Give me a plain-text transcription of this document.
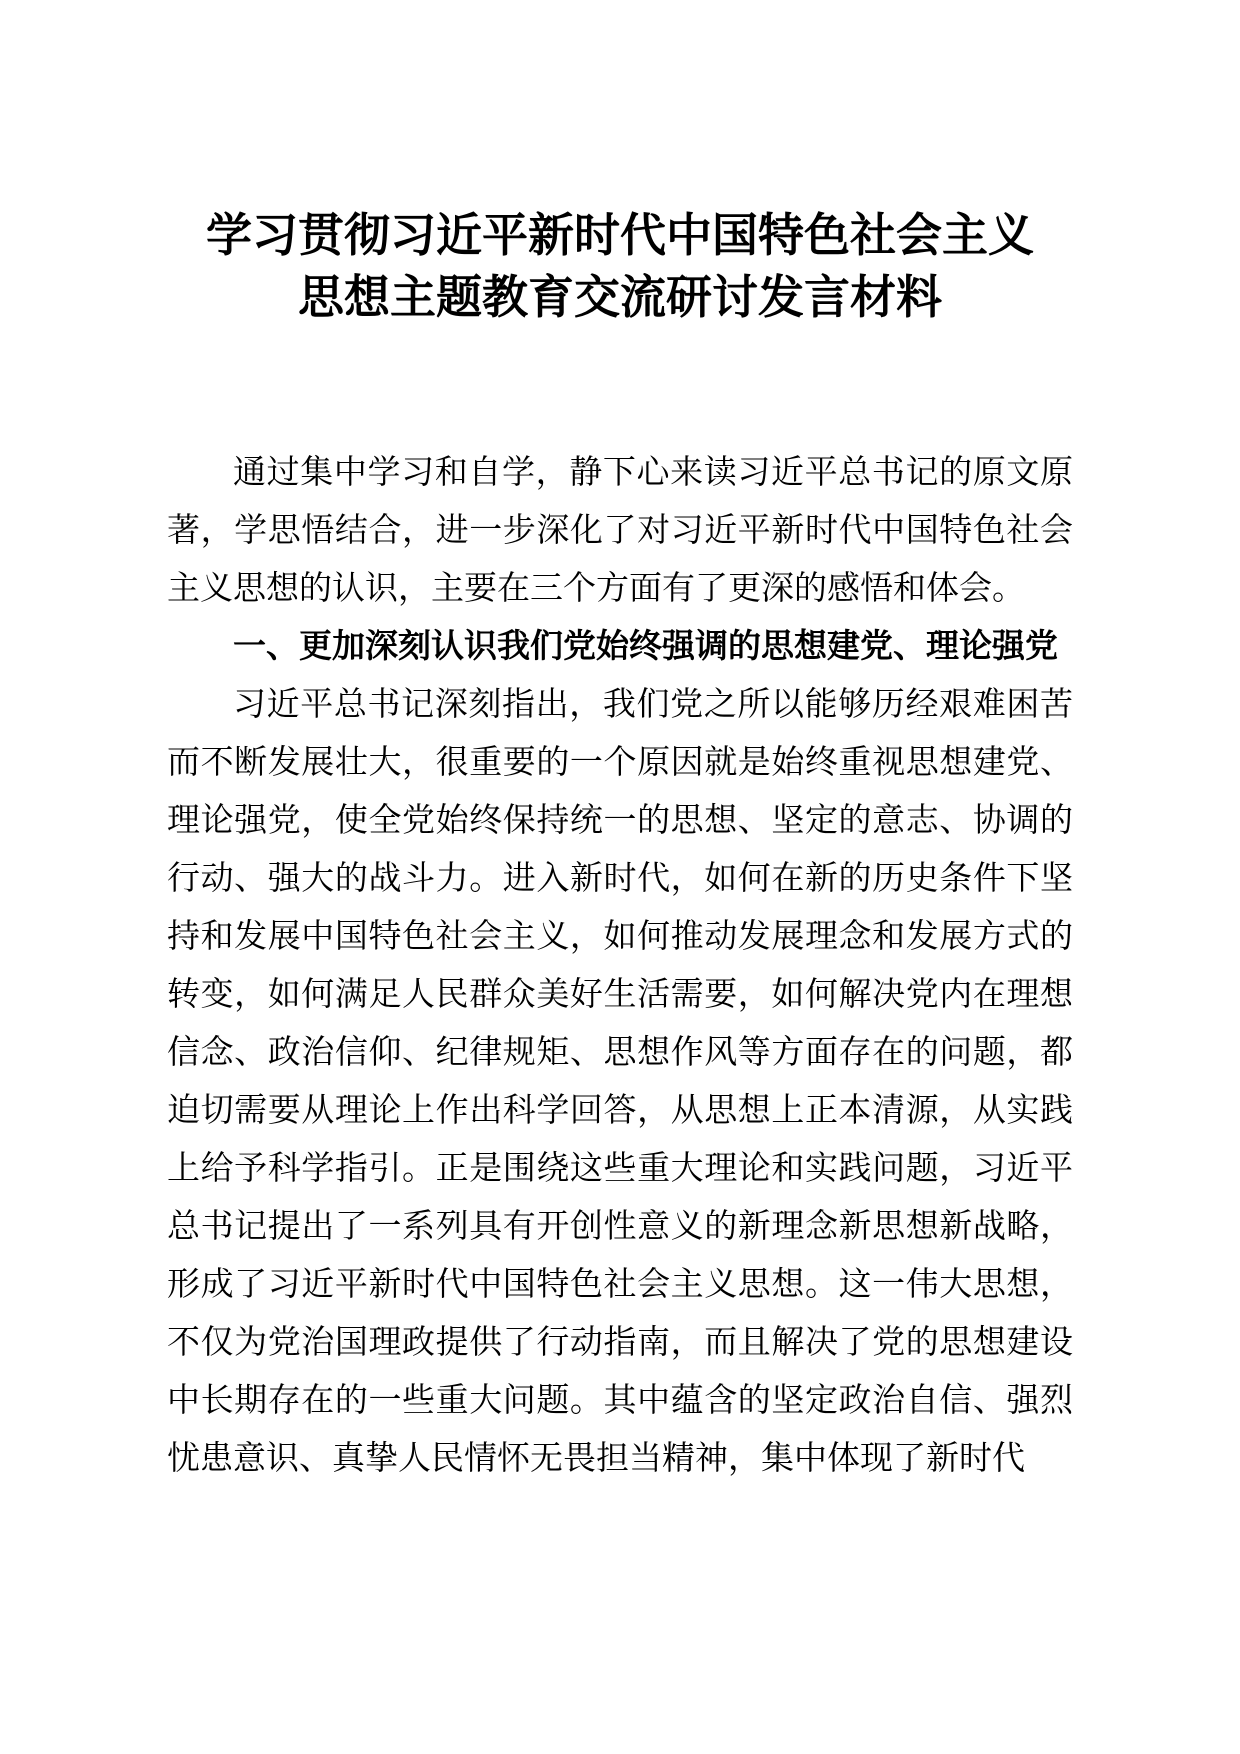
学习贯彻习近平新时代中国特色社会主义思想主题教育交流研讨发言材料

通过集中学习和自学，静下心来读习近平总书记的原文原著，学思悟结合，进一步深化了对习近平新时代中国特色社会主义思想的认识，主要在三个方面有了更深的感悟和体会。

一、更加深刻认识我们党始终强调的思想建党、理论强党

习近平总书记深刻指出，我们党之所以能够历经艰难困苦而不断发展壮大，很重要的一个原因就是始终重视思想建党、理论强党，使全党始终保持统一的思想、坚定的意志、协调的行动、强大的战斗力。进入新时代，如何在新的历史条件下坚持和发展中国特色社会主义，如何推动发展理念和发展方式的转变，如何满足人民群众美好生活需要，如何解决党内在理想信念、政治信仰、纪律规矩、思想作风等方面存在的问题，都迫切需要从理论上作出科学回答，从思想上正本清源，从实践上给予科学指引。正是围绕这些重大理论和实践问题，习近平总书记提出了一系列具有开创性意义的新理念新思想新战略，形成了习近平新时代中国特色社会主义思想。这一伟大思想，不仅为党治国理政提供了行动指南，而且解决了党的思想建设中长期存在的一些重大问题。其中蕴含的坚定政治自信、强烈忧患意识、真挚人民情怀无畏担当精神，集中体现了新时代
